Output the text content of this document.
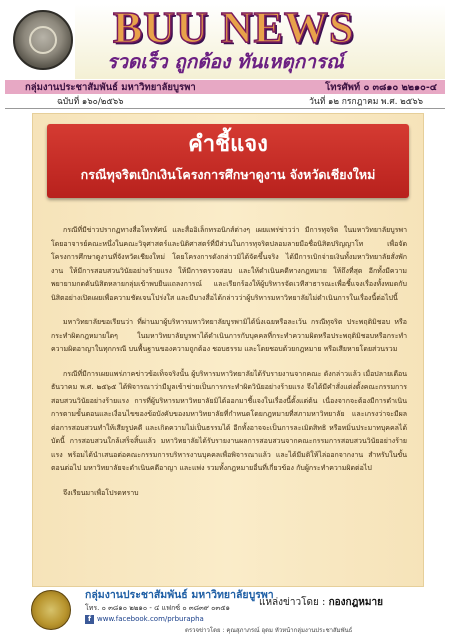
BUU NEWS
รวดเร็ว ถูกต้อง ทันเหตุการณ์
กลุ่มงานประชาสัมพันธ์ มหาวิทยาลัยบูรพา	โทรศัพท์ ๐ ๓๘๑๐ ๒๒๑๐-๔
ฉบับที่ ๑๖๐/๒๕๖๖	วันที่ ๑๒ กรกฎาคม พ.ศ. ๒๕๖๖
คำชี้แจง
กรณีทุจริตเบิกเงินโครงการศึกษาดูงาน จังหวัดเชียงใหม่

กรณีที่มีข่าวปรากฏทางสื่อโทรทัศน์ และสื่ออิเล็กทรอนิกส์ต่างๆ เผยแพร่ข่าวว่า มีการทุจริต ในมหาวิทยาลัยบูรพา โดยอาจารย์คณะหนึ่งในคณะวิจุศาสตร์และนิติศาสตร์ที่มีส่วนในการทุจริตปลอมลายมือชื่อนิสิตปริญญาโท เพื่อจัดโครงการศึกษาดูงานที่จังหวัดเชียงใหม่ โดยโครงการดังกล่าวมิได้จัดขึ้นจริง ได้มีการเบิกจ่ายเงินทั้งมหาวิทยาลัยสั่งพักงาน ให้มีการสอบสวนวินัยอย่างร้ายแรง ให้มีการตรวจสอบ และให้ดำเนินคดีทางกฎหมาย ให้ถึงที่สุด อีกทั้งมีความพยายามกดดันนิสิตหลายกลุ่มเข้าพบยืนแถลงการณ์ และเรียกร้องให้ผู้บริหารจัดเวทีสาธารณะเพื่อชี้แจงเรื่องทั้งหมดกับนิสิตอย่างเปิดเผยเพื่อความชัดเจนโปร่งใส และมีบางสื่อได้กล่าวว่าผู้บริหารมหาวิทยาลัยไม่ดำเนินการในเรื่องนี้ต่อไปนี้

มหาวิทยาลัยขอเรียนว่า ที่ผ่านมาผู้บริหารมหาวิทยาลัยบูรพามิได้นิ่งเฉยหรือละเว้น กรณีทุจริต ประพฤติมิชอบ หรือกระทำผิดกฎหมายใดๆ ในมหาวิทยาลัยบูรพาได้ดำเนินการกับบุคคลที่กระทำความผิดหรือประพฤติมิชอบหรือกระทำความผิดอาญาในทุกกรณี บนพื้นฐานของความถูกต้อง ชอบธรรม และโดยชอบด้วยกฎหมาย หรือเสียหายโดยส่วนรวม

กรณีที่มีการเผยแพร่ภาคข่าวข้อเท็จจริงนั้น ผู้บริหารมหาวิทยาลัยได้รับรายงานจากคณะ ดังกล่าวแล้ว เมื่อปลายเดือนธันวาคม พ.ศ. ๒๕๖๕ ได้พิจารณาว่ามีมูลเข้าข่ายเป็นการกระทำผิดวินัยอย่างร้ายแรง จึงได้มีคำสั่งแต่งตั้งคณะกรรมการสอบสวนวินัยอย่างร้ายแรง การที่ผู้บริหารมหาวิทยาลัยมิได้ออกมาชี้แจงในเรื่องนี้ตั้งแต่ต้น เนื่องจากจะต้องมีการดำเนินการตามขั้นตอนและเงื่อนไขของข้อบังคับของมหาวิทยาลัยที่กำหนดโดยกฎหมายที่สภามหาวิทยาลัย และเกรงว่าจะมีผลต่อการสอบสวนทำให้เสียรูปคดี และเกิดความไม่เป็นธรรมได้ อีกทั้งอาจจะเป็นการละเมิดสิทธิ หรือหมิ่นประมาทบุคคลได้ บัดนี้ การสอบสวนใกล้เสร็จสิ้นแล้ว มหาวิทยาลัยได้รับรายงานผลการสอบสวนจากคณะกรรมการสอบสวนวินัยอย่างร้ายแรง พร้อมได้นำเสนอต่อคณะกรรมการบริหารงานบุคคลเพื่อพิจารณาแล้ว และได้มีมติให้ไล่ออกจากงาน สำหรับในขั้นตอนต่อไป มหาวิทยาลัยจะดำเนินคดีอาญา และแพ่ง รวมทั้งกฎหมายอื่นที่เกี่ยวข้อง กับผู้กระทำความผิดต่อไป

จึงเรียนมาเพื่อโปรดทราบ

กลุ่มงานประชาสัมพันธ์ มหาวิทยาลัยบูรพา
โทร. ๐ ๓๘๑๐ ๒๒๑๐ - ๔ แฟกซ์ ๐ ๓๘๓๙ ๐๓๕๑
f www.facebook.com/prburapha
แหล่งข่าวโดย : กองกฎหมาย
ตรวจข่าวโดย : คุณสุภาภรณ์ อุดม หัวหน้ากลุ่มงานประชาสัมพันธ์
